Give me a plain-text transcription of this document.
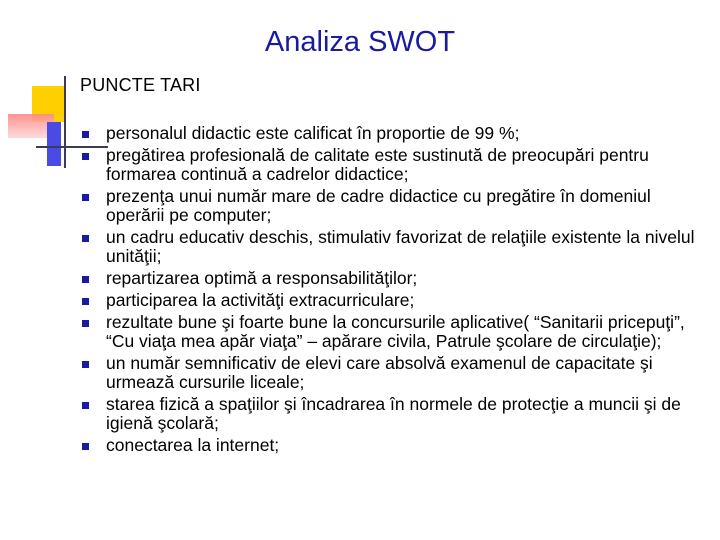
Analiza SWOT
PUNCTE TARI
personalul didactic este calificat în proportie de 99 %;
pregătirea profesională de calitate este sustinută de preocupări pentru formarea continuă a cadrelor didactice;
prezenţa unui număr mare de cadre didactice cu pregătire în domeniul operării pe computer;
un cadru educativ deschis, stimulativ favorizat de relaţiile existente la nivelul unităţii;
repartizarea optimă a responsabilităţilor;
participarea la activităţi extracurriculare;
rezultate bune şi foarte bune la concursurile aplicative( “Sanitarii pricepuţi”, “Cu viaţa mea apăr viaţa” – apărare civila, Patrule şcolare de circulaţie);
un număr semnificativ de elevi care absolvă examenul de capacitate şi urmează cursurile liceale;
starea fizică a spaţiilor şi încadrarea în normele de protecţie a muncii şi de igienă şcolară;
conectarea la internet;
